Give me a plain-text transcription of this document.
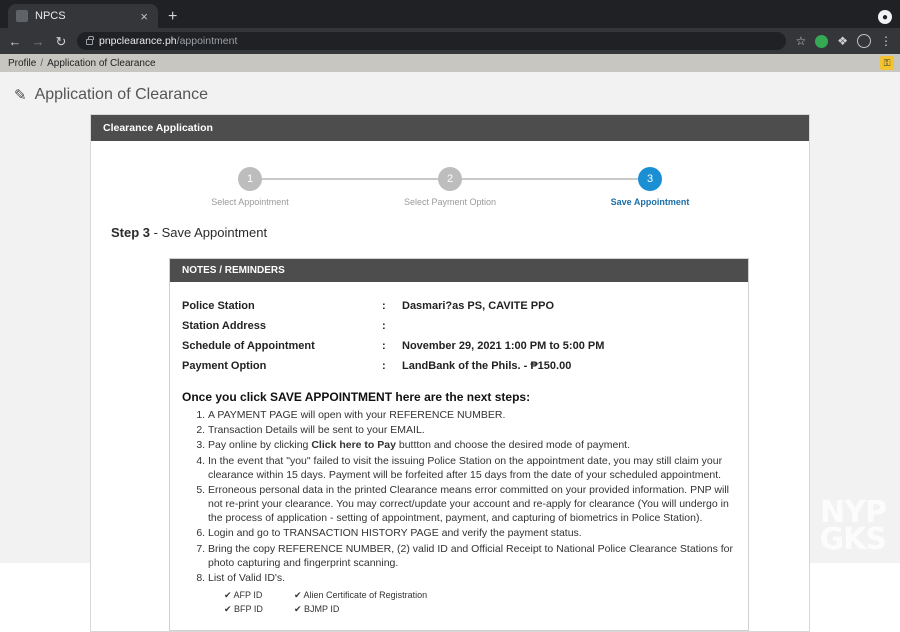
NPCS	× +	●
← → ↻	pnpclearance.ph/appointment	☆	❖	⋮
Profile / Application of Clearance	⚿
✎ Application of Clearance
Clearance Application
1
Select Appointment
2
Select Payment Option
3
Save Appointment
Step 3 - Save Appointment
NOTES / REMINDERS
Police Station	:	Dasmari?as PS, CAVITE PPO
Station Address	:	
Schedule of Appointment	:	November 29, 2021 1:00 PM to 5:00 PM
Payment Option	:	LandBank of the Phils. - ₱150.00
Once you click SAVE APPOINTMENT here are the next steps:
1. A PAYMENT PAGE will open with your REFERENCE NUMBER.
2. Transaction Details will be sent to your EMAIL.
3. Pay online by clicking Click here to Pay buttton and choose the desired mode of payment.
4. In the event that "you" failed to visit the issuing Police Station on the appointment date, you may still claim your clearance within 15 days. Payment will be forfeited after 15 days from the date of your scheduled appointment.
5. Erroneous personal data in the printed Clearance means error committed on your provided information. PNP will not re-print your clearance. You may correct/update your account and re-apply for clearance (You will undergo in the process of application - setting of appointment, payment, and capturing of biometrics in Police Station).
6. Login and go to TRANSACTION HISTORY PAGE and verify the payment status.
7. Bring the copy REFERENCE NUMBER, (2) valid ID and Official Receipt to National Police Clearance Stations for photo capturing and fingerprint scanning.
8. List of Valid ID's.
✔ AFP ID	✔ Alien Certificate of Registration
✔ BFP ID	✔ BJMP ID
NYP
GKS
